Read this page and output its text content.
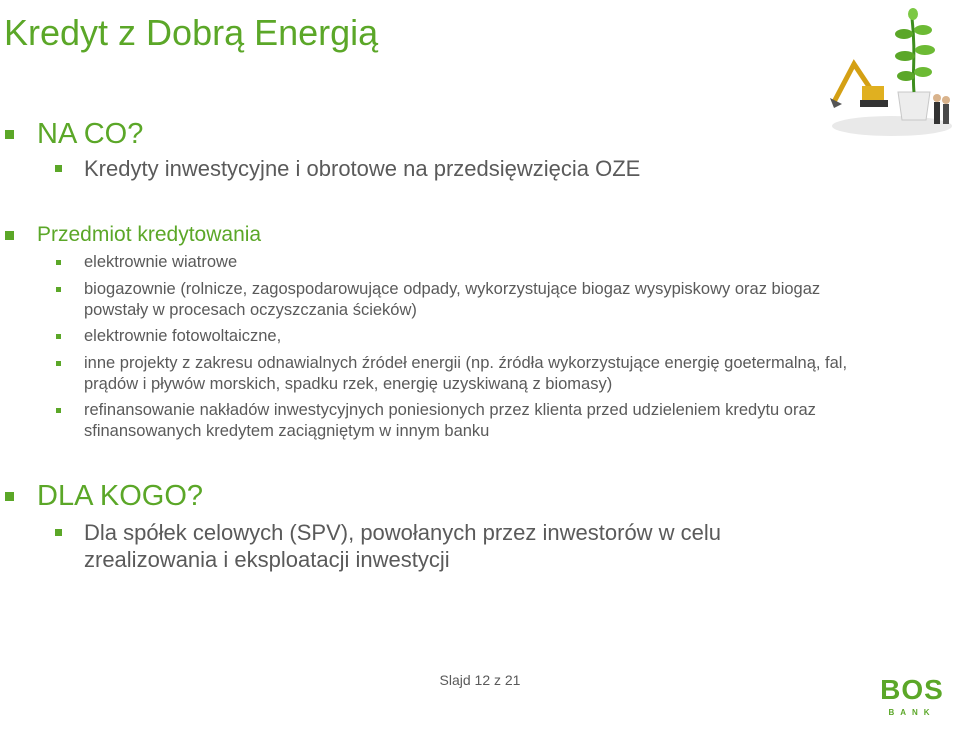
Kredyt z Dobrą Energią
NA CO?
Kredyty inwestycyjne i obrotowe na przedsięwzięcia OZE
Przedmiot kredytowania
elektrownie wiatrowe
biogazownie (rolnicze, zagospodarowujące odpady, wykorzystujące biogaz wysypiskowy oraz biogaz powstały w procesach oczyszczania ścieków)
elektrownie fotowoltaiczne,
inne projekty z zakresu odnawialnych źródeł energii (np. źródła wykorzystujące energię goetermalną, fal, prądów i pływów morskich, spadku rzek, energię uzyskiwaną z biomasy)
refinansowanie nakładów inwestycyjnych poniesionych przez klienta przed udzieleniem kredytu oraz sfinansowanych kredytem zaciągniętym w innym banku
DLA KOGO?
Dla spółek celowych (SPV), powołanych przez inwestorów w celu zrealizowania i eksploatacji inwestycji
Slajd 12 z 21	BOS
BANK
